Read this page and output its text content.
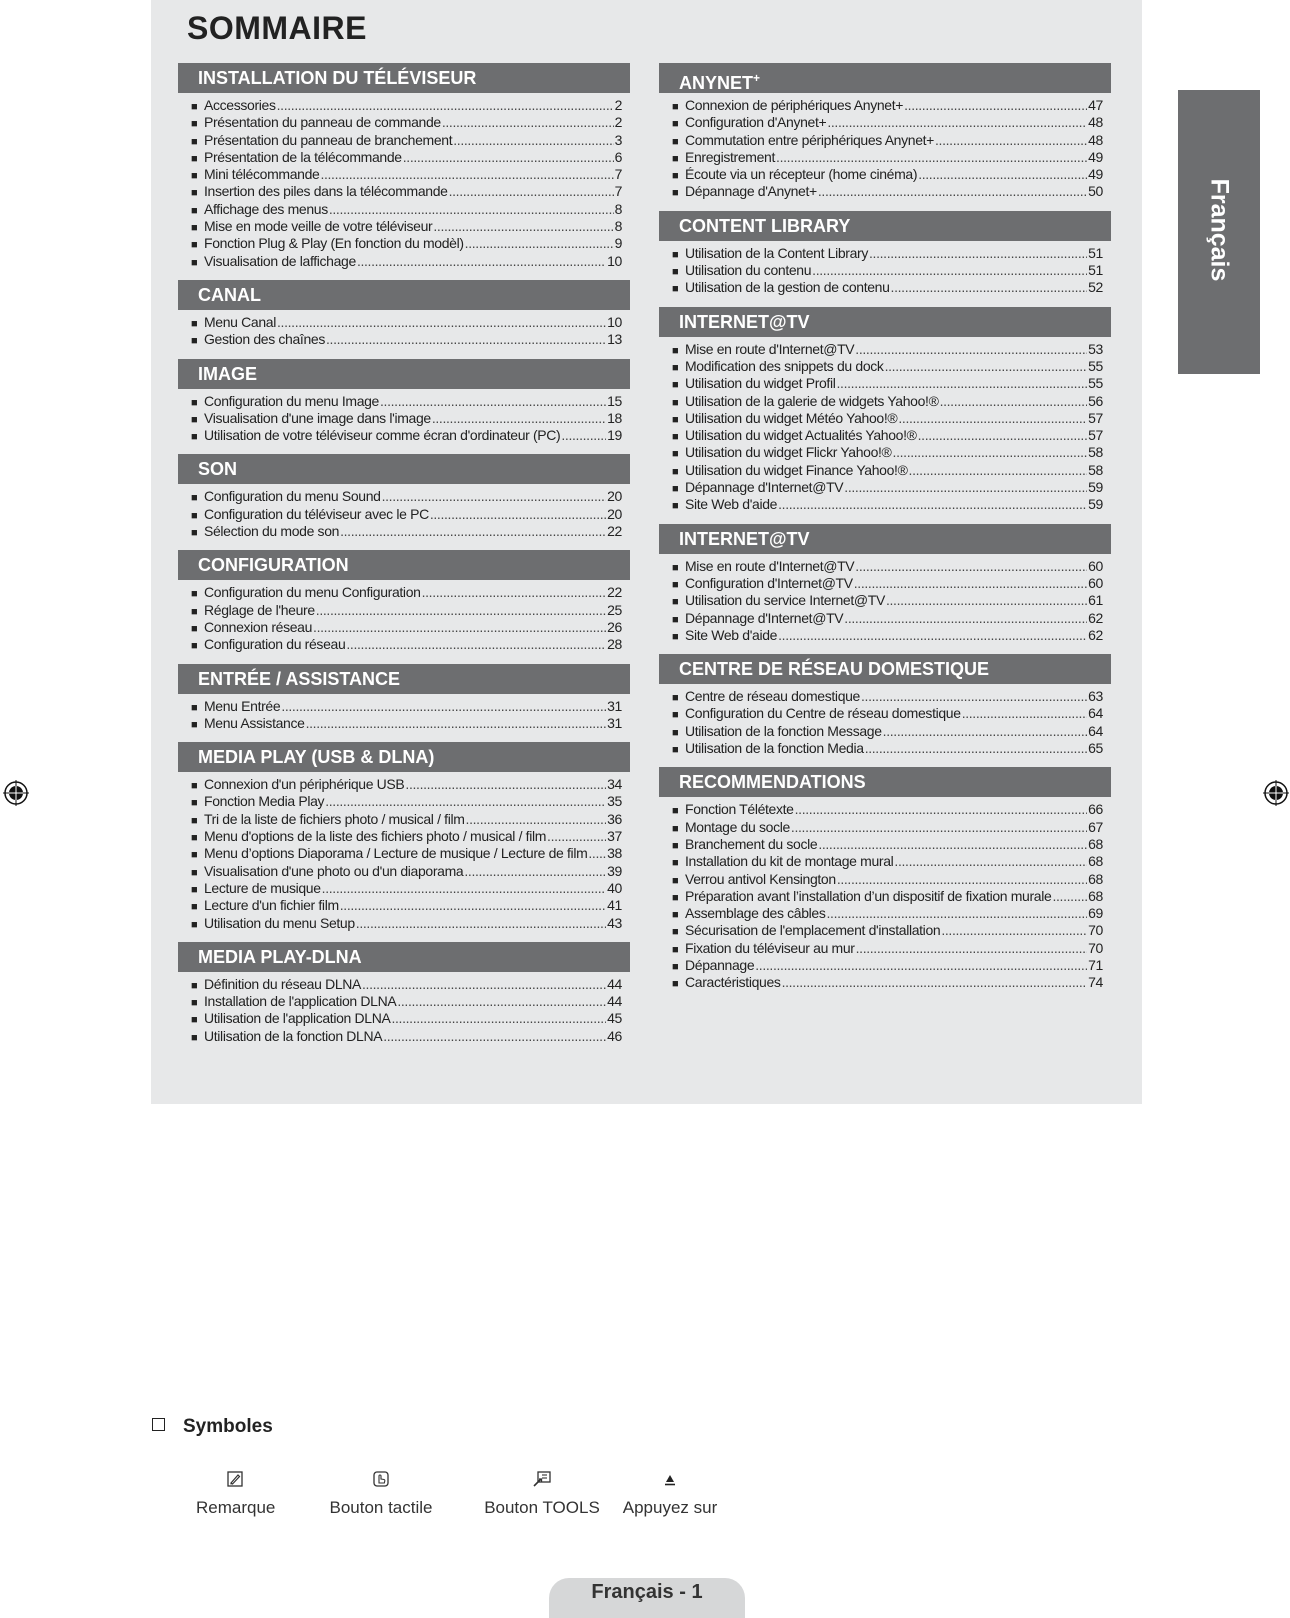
SOMMAIRE
INSTALLATION DU TÉLÉVISEUR
■ Accessories .....	2
■ Présentation du panneau de commande .....	2
■ Présentation du panneau de branchement .....	3
■ Présentation de la télécommande .....	6
■ Mini télécommande .....	7
■ Insertion des piles dans la télécommande .....	7
■ Affichage des menus .....	8
■ Mise en mode veille de votre téléviseur .....	8
■ Fonction Plug & Play (En fonction du modèl) .....	9
■ Visualisation de laffichage .....	10
CANAL
■ Menu Canal .....	10
■ Gestion des chaînes .....	13
IMAGE
■ Configuration du menu Image .....	15
■ Visualisation d'une image dans l'image .....	18
■ Utilisation de votre téléviseur comme écran d'ordinateur (PC) .....	19
SON
■ Configuration du menu Sound .....	20
■ Configuration du téléviseur avec le PC .....	20
■ Sélection du mode son .....	22
CONFIGURATION
■ Configuration du menu Configuration .....	22
■ Réglage de l'heure .....	25
■ Connexion réseau .....	26
■ Configuration du réseau .....	28
ENTRÉE / ASSISTANCE
■ Menu Entrée .....	31
■ Menu Assistance .....	31
MEDIA PLAY (USB & DLNA)
■ Connexion d'un périphérique USB .....	34
■ Fonction Media Play .....	35
■ Tri de la liste de fichiers photo / musical / film .....	36
■ Menu d'options de la liste des fichiers photo / musical / film .....	37
■ Menu d’options Diaporama / Lecture de musique / Lecture de film ..... 38
■ Visualisation d'une photo ou d'un diaporama .....	39
■ Lecture de musique .....	40
■ Lecture d'un fichier film .....	41
■ Utilisation du menu Setup .....	43
MEDIA PLAY-DLNA
■ Définition du réseau DLNA .....	44
■ Installation de l'application DLNA .....	44
■ Utilisation de l'application DLNA .....	45
■ Utilisation de la fonction DLNA .....	46
ANYNET+
■ Connexion de périphériques Anynet+ .....	47
■ Configuration d'Anynet+ .....	48
■ Commutation entre périphériques Anynet+ .....	48
■ Enregistrement .....	49
■ Écoute via un récepteur (home cinéma) .....	49
■ Dépannage d'Anynet+ .....	50
CONTENT LIBRARY
■ Utilisation de la Content Library .....	51
■ Utilisation du contenu .....	51
■ Utilisation de la gestion de contenu .....	52
INTERNET@TV
■ Mise en route d'Internet@TV .....	53
■ Modification des snippets du dock .....	55
■ Utilisation du widget Profil .....	55
■ Utilisation de la galerie de widgets Yahoo!® .....	56
■ Utilisation du widget Météo Yahoo!® .....	57
■ Utilisation du widget Actualités Yahoo!® .....	57
■ Utilisation du widget Flickr Yahoo!® .....	58
■ Utilisation du widget Finance Yahoo!® .....	58
■ Dépannage d'Internet@TV .....	59
■ Site Web d'aide .....	59
INTERNET@TV
■ Mise en route d'Internet@TV .....	60
■ Configuration d'Internet@TV .....	60
■ Utilisation du service Internet@TV .....	61
■ Dépannage d'Internet@TV .....	62
■ Site Web d'aide .....	62
CENTRE DE RÉSEAU DOMESTIQUE
■ Centre de réseau domestique .....	63
■ Configuration du Centre de réseau domestique .....	64
■ Utilisation de la fonction Message .....	64
■ Utilisation de la fonction Media .....	65
RECOMMENDATIONS
■ Fonction Télétexte .....	66
■ Montage du socle .....	67
■ Branchement du socle .....	68
■ Installation du kit de montage mural .....	68
■ Verrou antivol Kensington .....	68
■ Préparation avant l’installation d’un dispositif de fixation murale .....	68
■ Assemblage des câbles .....	69
■ Sécurisation de l'emplacement d'installation .....	70
■ Fixation du téléviseur au mur .....	70
■ Dépannage .....	71
■ Caractéristiques .....	74
Français
Symboles
Remarque	Bouton tactile	Bouton TOOLS Appuyez sur
Français - 1
